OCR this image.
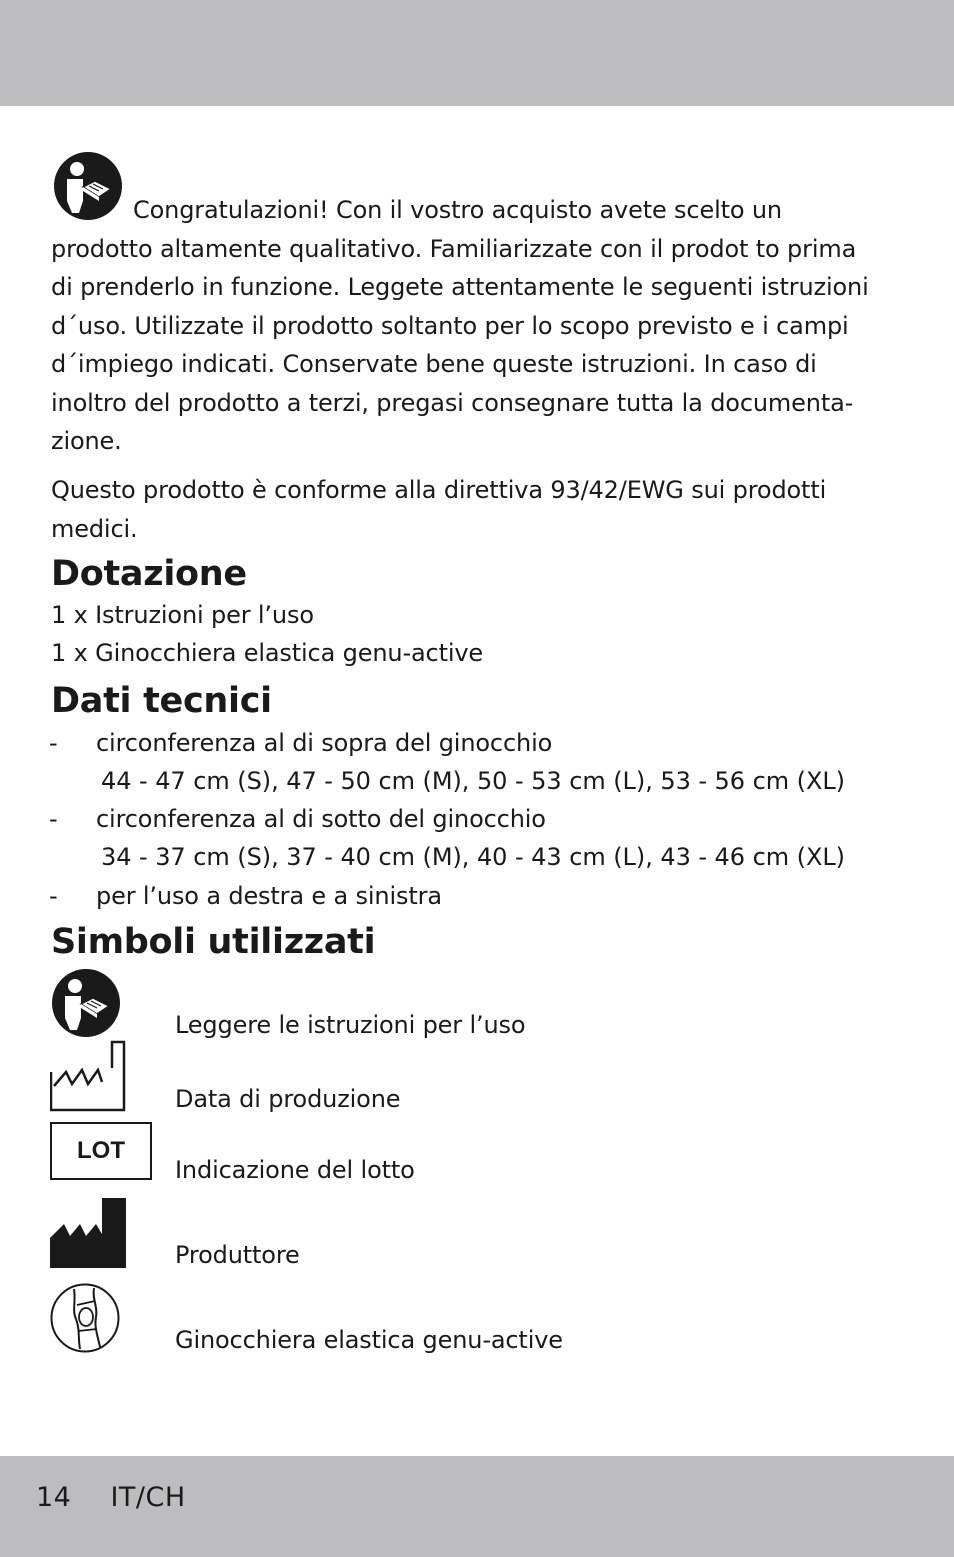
Congratulazioni! Con il vostro acquisto avete scelto un
prodotto altamente qualitativo. Familiarizzate con il prodot to prima
di prenderlo in funzione. Leggete attentamente le seguenti istruzioni
d´uso. Utilizzate il prodotto soltanto per lo scopo previsto e i campi
d´impiego indicati. Conservate bene queste istruzioni. In caso di
inoltro del prodotto a terzi, pregasi consegnare tutta la documenta-
zione.

Questo prodotto è conforme alla direttiva 93/42/EWG sui prodotti
medici.

Dotazione
1 x Istruzioni per l’uso
1 x Ginocchiera elastica genu-active
Dati tecnici
- circonferenza al di sopra del ginocchio
44 - 47 cm (S), 47 - 50 cm (M), 50 - 53 cm (L), 53 - 56 cm (XL)
- circonferenza al di sotto del ginocchio
34 - 37 cm (S), 37 - 40 cm (M), 40 - 43 cm (L), 43 - 46 cm (XL)
- per l’uso a destra e a sinistra
Simboli utilizzati
Leggere le istruzioni per l’uso
Data di produzione
LOT
Indicazione del lotto
Produttore
Ginocchiera elastica genu-active
14 IT/CH
